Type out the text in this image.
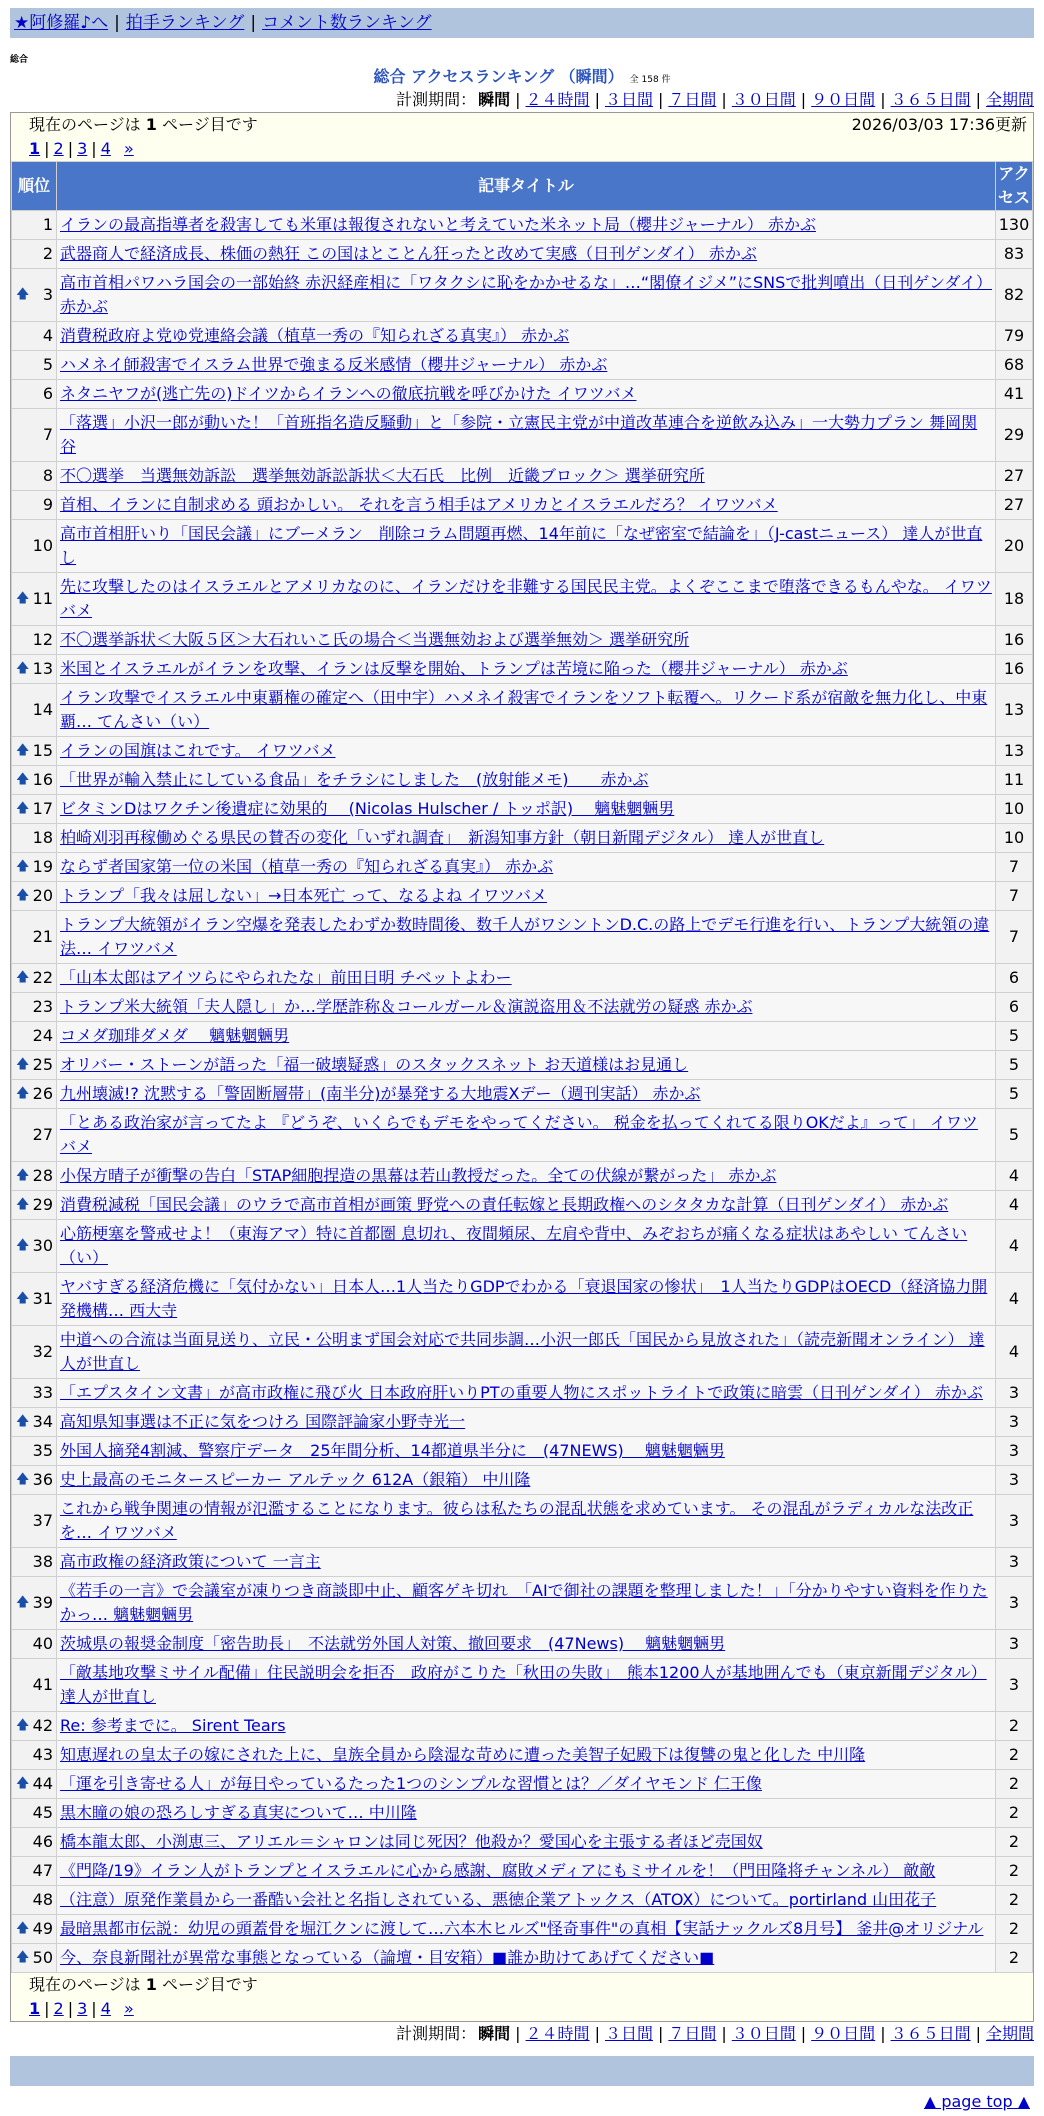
★阿修羅♪へ | 拍手ランキング | コメント数ランキング
総合
総合 アクセスランキング （瞬間） 全 158 件
計測期間： 瞬間 | ２４時間 | ３日間 | ７日間 | ３０日間 | ９０日間 | ３６５日間 | 全期間
現在のページは 1 ページ目です	2026/03/03 17:36更新
1 | 2 | 3 | 4 »
順位	記事タイトル	アクセス
1	イランの最高指導者を殺害しても米軍は報復されないと考えていた米ネット局（櫻井ジャーナル） 赤かぶ	130
2	武器商人で経済成長、株価の熱狂 この国はとことん狂ったと改めて実感（日刊ゲンダイ） 赤かぶ	83

🡅 3	高市首相パワハラ国会の一部始終 赤沢経産相に「ワタクシに恥をかかせるな」…“閣僚イジメ”にSNSで批判噴出（日刊ゲンダイ） 赤かぶ	82
4	消費税政府よ党ゆ党連絡会議（植草一秀の『知られざる真実』） 赤かぶ	79
5	ハメネイ師殺害でイスラム世界で強まる反米感情（櫻井ジャーナル） 赤かぶ	68
6	ネタニヤフが(逃亡先の)ドイツからイランへの徹底抗戦を呼びかけた イワツバメ	41
7	「落選」小沢一郎が動いた！「首班指名造反騒動」と「参院・立憲民主党が中道改革連合を逆飲み込み」一大勢力プラン 舞岡関谷	29
8	不〇選挙　当選無効訴訟　選挙無効訴訟訴状＜大石氏　比例　近畿ブロック＞ 選挙研究所	27
9	首相、イランに自制求める 頭おかしい。 それを言う相手はアメリカとイスラエルだろ？ イワツバメ	27
10	高市首相肝いり「国民会議」にブーメラン　削除コラム問題再燃、14年前に「なぜ密室で結論を」（J-castニュース） 達人が世直し	20

🡅 11	先に攻撃したのはイスラエルとアメリカなのに、イランだけを非難する国民民主党。よくぞここまで堕落できるもんやな。 イワツバメ	18
12	不〇選挙訴状＜大阪５区＞大石れいこ氏の場合＜当選無効および選挙無効＞ 選挙研究所	16

🡅 13	米国とイスラエルがイランを攻撃、イランは反撃を開始、トランプは苦境に陥った（櫻井ジャーナル） 赤かぶ	16
14	イラン攻撃でイスラエル中東覇権の確定へ（田中宇）ハメネイ殺害でイランをソフト転覆へ。リクード系が宿敵を無力化し、中東覇… てんさい（い）	13

🡅 15	イランの国旗はこれです。 イワツバメ	13

🡅 16	「世界が輸入禁止にしている食品」をチラシにしました　(放射能メモ)　　赤かぶ	11

🡅 17	ビタミンDはワクチン後遺症に効果的　 (Nicolas Hulscher / トッポ訳)　 魑魅魍魎男	10
18	柏崎刈羽再稼働めぐる県民の賛否の変化「いずれ調査」　新潟知事方針（朝日新聞デジタル） 達人が世直し	10

🡅 19	ならず者国家第一位の米国（植草一秀の『知られざる真実』） 赤かぶ	7

🡅 20	トランプ「我々は屈しない」→日本死亡 って、なるよね イワツバメ	7
21	トランプ大統領がイラン空爆を発表したわずか数時間後、数千人がワシントンD.C.の路上でデモ行進を行い、トランプ大統領の違法… イワツバメ	7

🡅 22	「山本太郎はアイツらにやられたな」前田日明 チベットよわー	6
23	トランプ米大統領「夫人隠し」か…学歴詐称＆コールガール＆演説盗用＆不法就労の疑惑 赤かぶ	6
24	コメダ珈琲ダメダ　 魑魅魍魎男	5

🡅 25	オリバー・ストーンが語った「福一破壊疑惑」のスタックスネット お天道様はお見通し	5

🡅 26	九州壊滅!? 沈黙する「警固断層帯」(南半分)が暴発する大地震Xデー（週刊実話） 赤かぶ	5
27	「とある政治家が言ってたよ 『どうぞ、いくらでもデモをやってください。 税金を払ってくれてる限りOKだよ』って」 イワツバメ	5

🡅 28	小保方晴子が衝撃の告白「STAP細胞捏造の黒幕は若山教授だった。全ての伏線が繋がった」 赤かぶ	4

🡅 29	消費税減税「国民会議」のウラで高市首相が画策 野党への責任転嫁と長期政権へのシタタカな計算（日刊ゲンダイ） 赤かぶ	4

🡅 30	心筋梗塞を警戒せよ！（東海アマ）特に首都圏 息切れ、夜間頻尿、左肩や背中、みぞおちが痛くなる症状はあやしい てんさい（い）	4

🡅 31	ヤバすぎる経済危機に「気付かない」日本人…1人当たりGDPでわかる「衰退国家の惨状」　1人当たりGDPはOECD（経済協力開発機構… 西大寺	4
32	中道への合流は当面見送り、立民・公明まず国会対応で共同歩調…小沢一郎氏「国民から見放された」（読売新聞オンライン） 達人が世直し	4
33	「エプスタイン文書」が高市政権に飛び火 日本政府肝いりPTの重要人物にスポットライトで政策に暗雲（日刊ゲンダイ） 赤かぶ	3

🡅 34	高知県知事選は不正に気をつけろ 国際評論家小野寺光一	3
35	外国人摘発4割減、警察庁データ　25年間分析、14都道県半分に　(47NEWS)　 魑魅魍魎男	3

🡅 36	史上最高のモニタースピーカー アルテック 612A（銀箱） 中川隆	3
37	これから戦争関連の情報が氾濫することになります。彼らは私たちの混乱状態を求めています。 その混乱がラディカルな法改正を… イワツバメ	3
38	高市政権の経済政策について 一言主	3

🡅 39	《若手の一言》で会議室が凍りつき商談即中止、顧客ゲキ切れ　「AIで御社の課題を整理しました！」「分かりやすい資料を作りたかっ… 魑魅魍魎男	3
40	茨城県の報奨金制度「密告助長」　不法就労外国人対策、撤回要求　(47News)　 魑魅魍魎男	3
41	「敵基地攻撃ミサイル配備」住民説明会を拒否　政府がこりた「秋田の失敗」　熊本1200人が基地囲んでも（東京新聞デジタル） 達人が世直し	3

🡅 42	Re: 参考までに。 Sirent Tears	2
43	知恵遅れの皇太子の嫁にされた上に、皇族全員から陰湿な苛めに遭った美智子妃殿下は復讐の鬼と化した 中川隆	2

🡅 44	「運を引き寄せる人」が毎日やっているたった1つのシンプルな習慣とは？／ダイヤモンド 仁王像	2
45	黒木瞳の娘の恐ろしすぎる真実について… 中川隆	2
46	橋本龍太郎、小渕恵三、アリエル＝シャロンは同じ死因？他殺か？愛国心を主張する者ほど売国奴	2
47	《門降/19》イラン人がトランプとイスラエルに心から感謝、腐敗メディアにもミサイルを！（門田隆将チャンネル） 敵敵	2
48	（注意）原発作業員から一番酷い会社と名指しされている、悪徳企業アトックス（ATOX）について。portirland 山田花子	2

🡅 49	最暗黒都市伝説：幼児の頭蓋骨を堀江クンに渡して…六本木ヒルズ"怪奇事件"の真相【実話ナックルズ8月号】 釜井@オリジナル	2

🡅 50	今、奈良新聞社が異常な事態となっている（論壇・目安箱）■誰か助けてあげてください■	2
現在のページは 1 ページ目です
1 | 2 | 3 | 4 »
計測期間： 瞬間 | ２４時間 | ３日間 | ７日間 | ３０日間 | ９０日間 | ３６５日間 | 全期間
▲ page top ▲
